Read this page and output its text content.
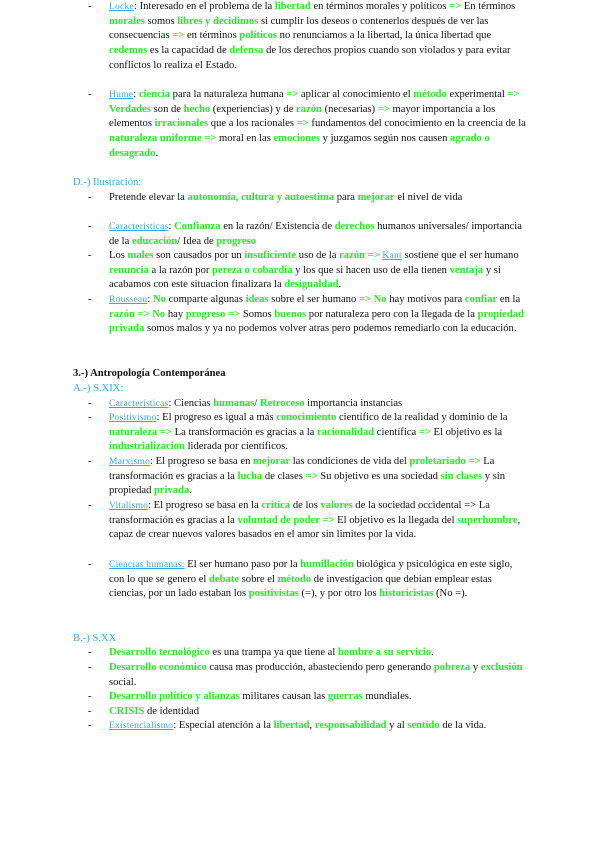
- Locke: Interesado en el problema de la libertad en términos morales y políticos => En términos morales somos libres y decidimos si cumplir los deseos o contenerlos después de ver las consecuencias => en términos políticos no renunciamos a la libertad, la única libertad que cedemos es la capacidad de defensa de los derechos propios cuando son violados y para evitar conflictos lo realiza el Estado.
- Hume: ciencia para la naturaleza humana => aplicar al conocimiento el método experimental => Verdades son de hecho (experiencias) y de razón (necesarias) => mayor importancia a los elementos irracionales que a los racionales => fundamentos del conocimiento en la creencia de la naturaleza uniforme => moral en las emociones y juzgamos según nos causen agrado o desagrado.
D.-) Ilustración:
- Pretende elevar la autonomía, cultura y autoestima para mejorar el nivel de vida
- Características: Confianza en la razón/ Existencia de derechos humanos universales/ importancia de la educación/ Idea de progreso
- Los males son causados por un insuficiente uso de la razón => Kant sostiene que el ser humano renuncia a la razón por pereza o cobardía y los que si hacen uso de ella tienen ventaja y si acabamos con este situacion finalizara la desigualdad.
- Rousseau: No comparte algunas ideas sobre el ser humano => No hay motivos para confiar en la razón => No hay progreso => Somos buenos por naturaleza pero con la llegada de la propiedad privada somos malos y ya no podemos volver atras pero podemos remediarlo con la educación.
3.-) Antropología Contemporánea
A.-) S.XIX:
- Características: Ciencias humanas/ Retroceso importancia instancias
- Positivismo: El progreso es igual a más conocimiento científico de la realidad y dominio de la naturaleza => La transformación es gracias a la racionalidad científica => El objetivo es la industrializacion liderada por científicos.
- Marxismo: El progreso se basa en mejorar las condiciones de vida del proletariado => La transformación es gracias a la lucha de clases => Su objetivo es una sociedad sin clases y sin propiedad privada.
- Vitalismo: El progreso se basa en la crítica de los valores de la sociedad occidental => La transformación es gracias a la voluntad de poder => El objetivo es la llegada del superhombre, capaz de crear nuevos valores basados en el amor sin limites por la vida.
- Ciencias humanas: El ser humano paso por la humillación biológica y psicológica en este siglo, con lo que se genero el debate sobre el método de investigacion que debian emplear estas ciencias, por un lado estaban los positivistas (=), y por otro los historicistas (No =).
B.-) S.XX
- Desarrollo tecnológico es una trampa ya que tiene al hombre a su servicio.
- Desarrollo económico causa mas producción, abasteciendo pero generando pobreza y exclusión social.
- Desarrollo político y alianzas militares causan las guerras mundiales.
- CRISIS de identidad
- Existencialismo: Especial atención a la libertad, responsabilidad y al sentido de la vida.
